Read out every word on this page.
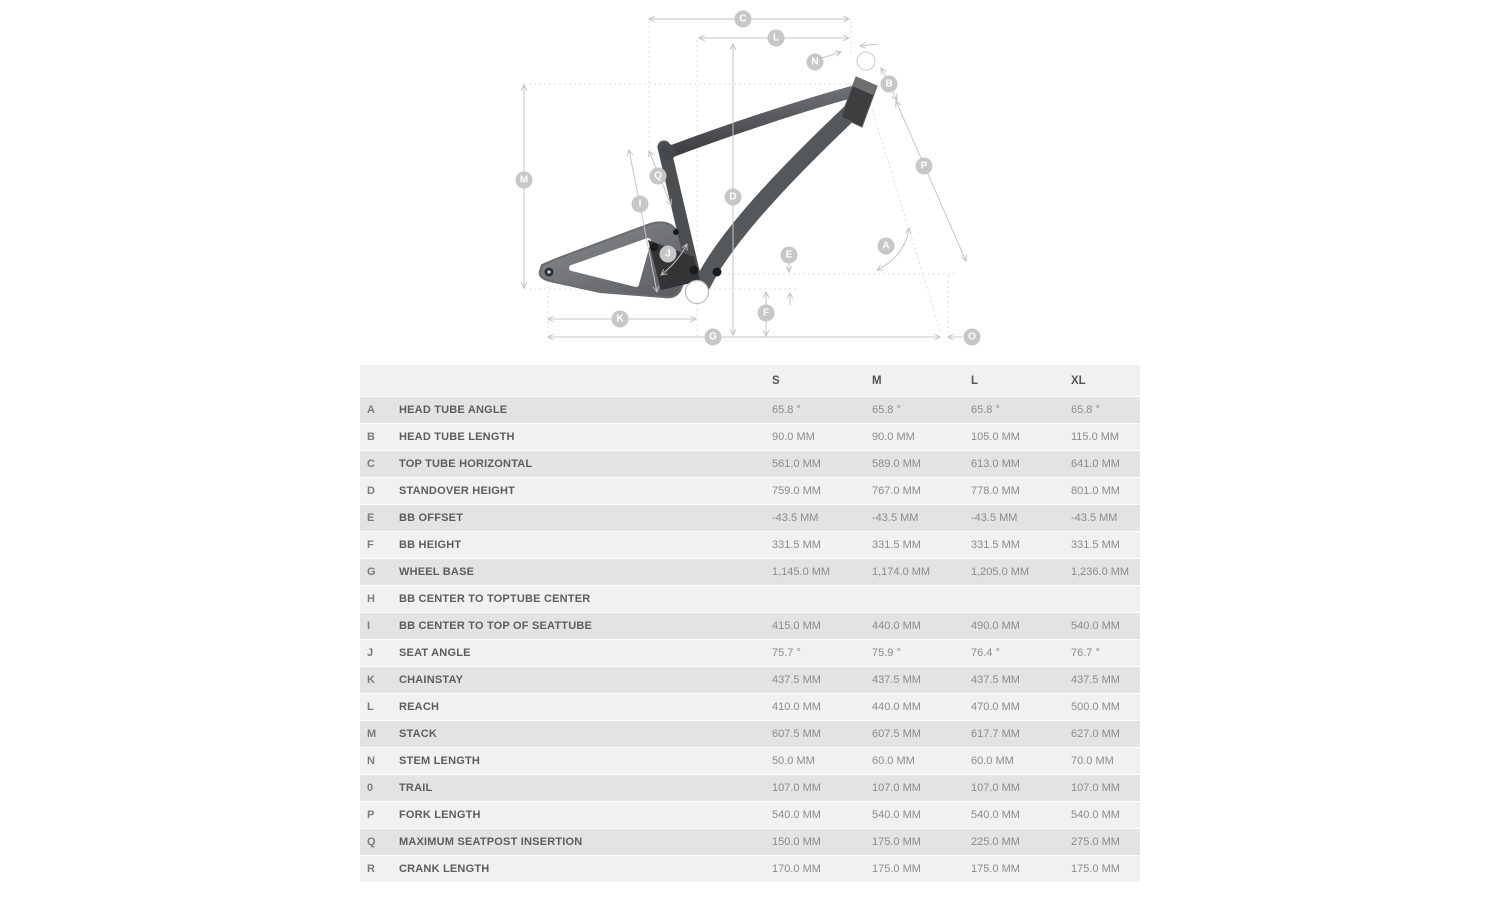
C
L
N
B
P
M	Q
I
D
J	E
A
F
K
G	O
S	M	L	XL
A	HEAD TUBE ANGLE	65.8 °	65.8 °	65.8 °	65.8 °
B	HEAD TUBE LENGTH	90.0 MM	90.0 MM	105.0 MM	115.0 MM
C	TOP TUBE HORIZONTAL	561.0 MM	589.0 MM	613.0 MM	641.0 MM
D	STANDOVER HEIGHT	759.0 MM	767.0 MM	778.0 MM	801.0 MM
E	BB OFFSET	-43.5 MM	-43.5 MM	-43.5 MM	-43.5 MM
F	BB HEIGHT	331.5 MM	331.5 MM	331.5 MM	331.5 MM
G	WHEEL BASE	1,145.0 MM	1,174.0 MM	1,205.0 MM	1,236.0 MM
H	BB CENTER TO TOPTUBE CENTER
I	BB CENTER TO TOP OF SEATTUBE	415.0 MM	440.0 MM	490.0 MM	540.0 MM
J	SEAT ANGLE	75.7 °	75.9 °	76.4 °	76.7 °
K	CHAINSTAY	437.5 MM	437.5 MM	437.5 MM	437.5 MM
L	REACH	410.0 MM	440.0 MM	470.0 MM	500.0 MM
M	STACK	607.5 MM	607.5 MM	617.7 MM	627.0 MM
N	STEM LENGTH	50.0 MM	60.0 MM	60.0 MM	70.0 MM
0	TRAIL	107.0 MM	107.0 MM	107.0 MM	107.0 MM
P	FORK LENGTH	540.0 MM	540.0 MM	540.0 MM	540.0 MM
Q	MAXIMUM SEATPOST INSERTION	150.0 MM	175.0 MM	225.0 MM	275.0 MM
R	CRANK LENGTH	170.0 MM	175.0 MM	175.0 MM	175.0 MM
